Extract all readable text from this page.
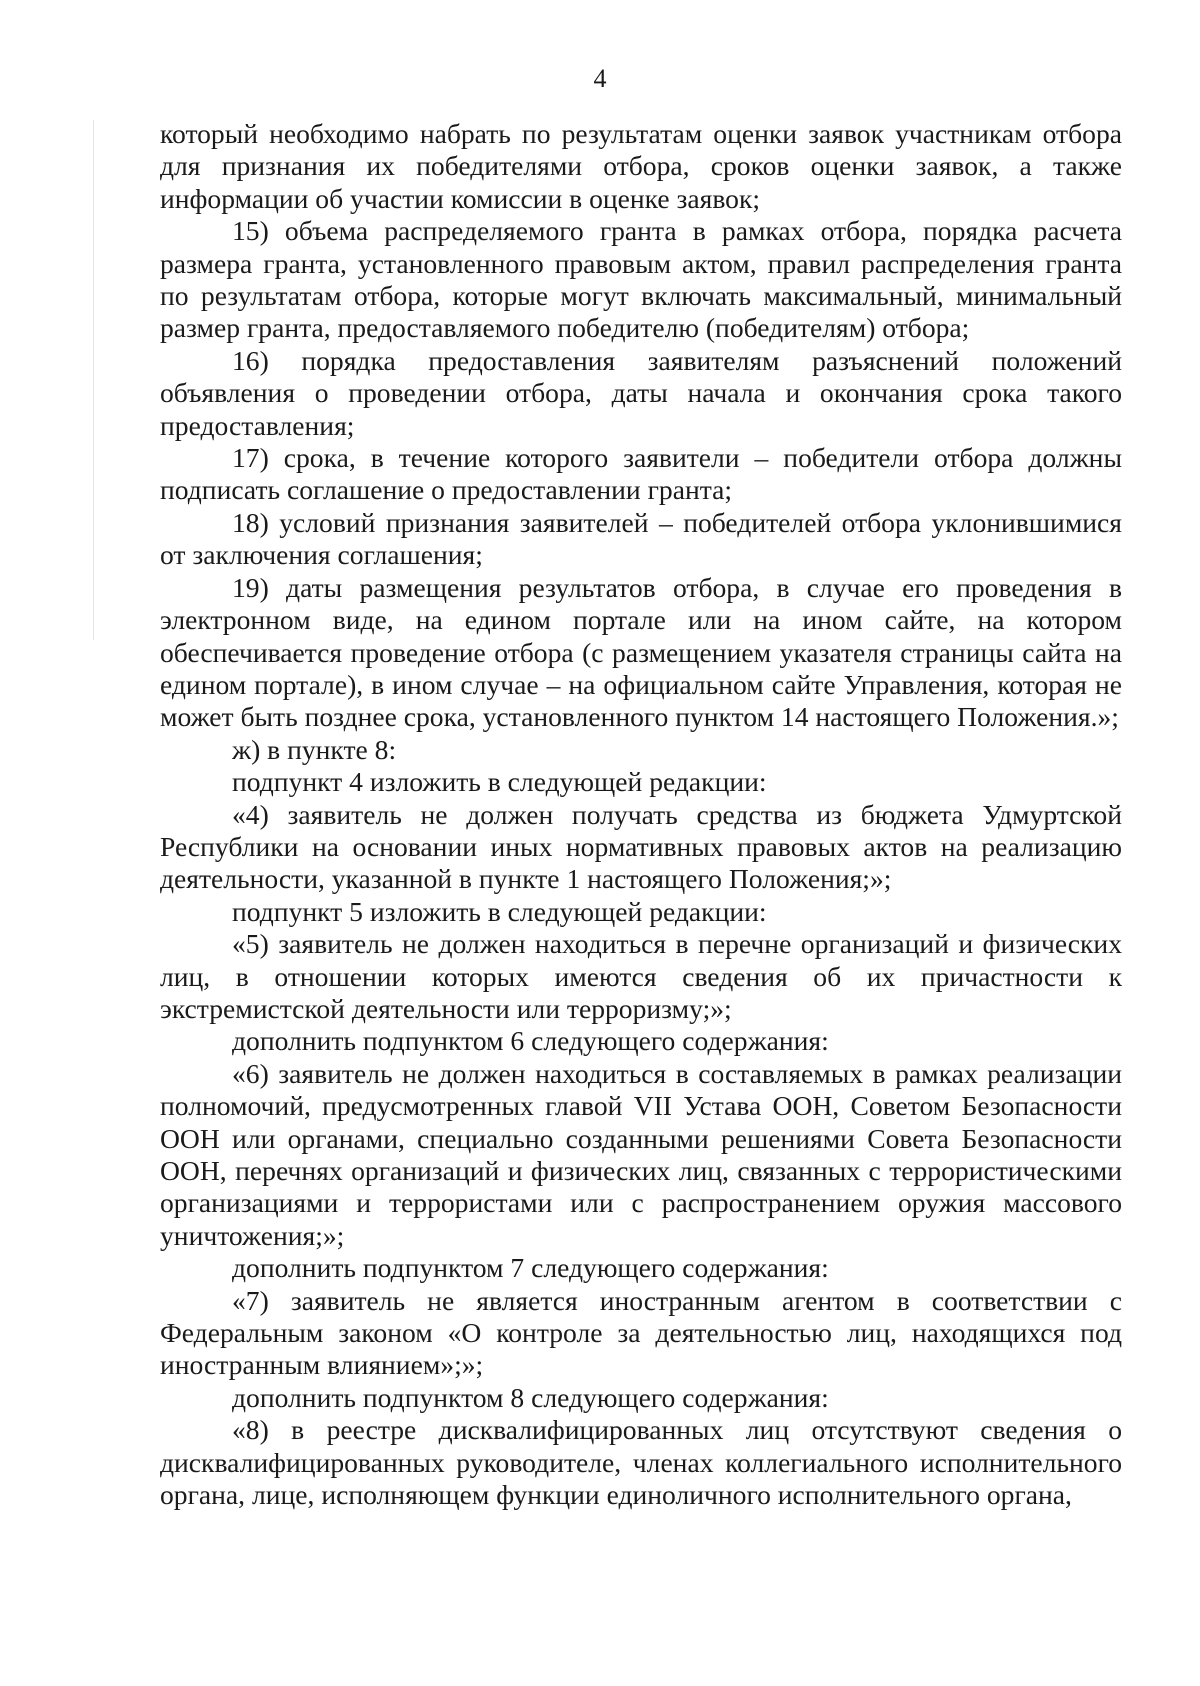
4

который необходимо набрать по результатам оценки заявок участникам отбора для признания их победителями отбора, сроков оценки заявок, а также информации об участии комиссии в оценке заявок;

15) объема распределяемого гранта в рамках отбора, порядка расчета размера гранта, установленного правовым актом, правил распределения гранта по результатам отбора, которые могут включать максимальный, минимальный размер гранта, предоставляемого победителю (победителям) отбора;

16) порядка предоставления заявителям разъяснений положений объявления о проведении отбора, даты начала и окончания срока такого предоставления;

17) срока, в течение которого заявители – победители отбора должны подписать соглашение о предоставлении гранта;

18) условий признания заявителей – победителей отбора уклонившимися от заключения соглашения;

19) даты размещения результатов отбора, в случае его проведения в электронном виде, на едином портале или на ином сайте, на котором обеспечивается проведение отбора (с размещением указателя страницы сайта на едином портале), в ином случае – на официальном сайте Управления, которая не может быть позднее срока, установленного пунктом 14 настоящего Положения.»;

ж) в пункте 8:

подпункт 4 изложить в следующей редакции:

«4) заявитель не должен получать средства из бюджета Удмуртской Республики на основании иных нормативных правовых актов на реализацию деятельности, указанной в пункте 1 настоящего Положения;»;

подпункт 5 изложить в следующей редакции:

«5) заявитель не должен находиться в перечне организаций и физических лиц, в отношении которых имеются сведения об их причастности к экстремистской деятельности или терроризму;»;

дополнить подпунктом 6 следующего содержания:

«6) заявитель не должен находиться в составляемых в рамках реализации полномочий, предусмотренных главой VII Устава ООН, Советом Безопасности ООН или органами, специально созданными решениями Совета Безопасности ООН, перечнях организаций и физических лиц, связанных с террористическими организациями и террористами или с распространением оружия массового уничтожения;»;

дополнить подпунктом 7 следующего содержания:

«7) заявитель не является иностранным агентом в соответствии с Федеральным законом «О контроле за деятельностью лиц, находящихся под иностранным влиянием»;»;

дополнить подпунктом 8 следующего содержания:

«8) в реестре дисквалифицированных лиц отсутствуют сведения о дисквалифицированных руководителе, членах коллегиального исполнительного органа, лице, исполняющем функции единоличного исполнительного органа,
